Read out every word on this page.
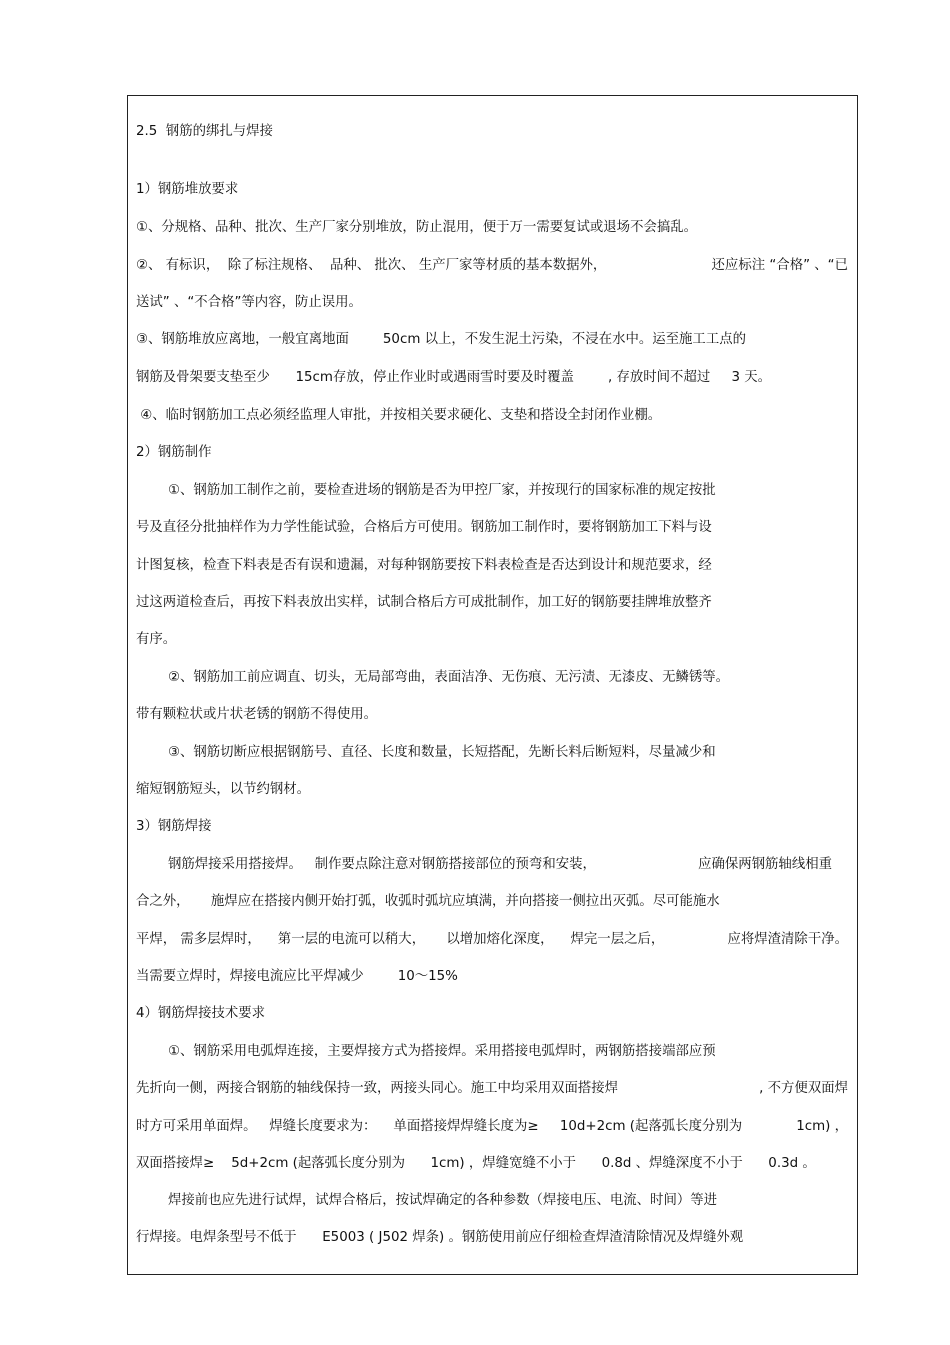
2.5  钢筋的绑扎与焊接

1）钢筋堆放要求

①、分规格、品种、批次、生产厂家分别堆放，防止混用，便于万一需要复试或退场不会搞乱。

②、 有标识，  除了标注规格、  品种、 批次、 生产厂家等材质的基本数据外，	还应标注 “合格” 、“已

送试” 、“不合格”等内容，防止误用。

③、钢筋堆放应离地，一般宜离地面        50cm 以上，不发生泥土污染，不浸在水中。运至施工工点的

钢筋及骨架要支垫至少      15cm存放，停止作业时或遇雨雪时要及时覆盖        , 存放时间不超过     3 天。

④、临时钢筋加工点必须经监理人审批，并按相关要求硬化、支垫和搭设全封闭作业棚。

2）钢筋制作

①、钢筋加工制作之前，要检查进场的钢筋是否为甲控厂家，并按现行的国家标准的规定按批

号及直径分批抽样作为力学性能试验，合格后方可使用。钢筋加工制作时，要将钢筋加工下料与设

计图复核，检查下料表是否有误和遗漏，对每种钢筋要按下料表检查是否达到设计和规范要求，经

过这两道检查后，再按下料表放出实样，试制合格后方可成批制作，加工好的钢筋要挂牌堆放整齐

有序。

②、钢筋加工前应调直、切头，无局部弯曲，表面洁净、无伤痕、无污渍、无漆皮、无鳞锈等。

带有颗粒状或片状老锈的钢筋不得使用。

③、钢筋切断应根据钢筋号、直径、长度和数量，长短搭配，先断长料后断短料，尽量减少和

缩短钢筋短头，以节约钢材。

3）钢筋焊接

钢筋焊接采用搭接焊。   制作要点除注意对钢筋搭接部位的预弯和安装，	应确保两钢筋轴线相重

合之外，     施焊应在搭接内侧开始打弧，收弧时弧坑应填满，并向搭接一侧拉出灭弧。尽可能施水

平焊， 需多层焊时，    第一层的电流可以稍大，     以增加熔化深度，    焊完一层之后，	应将焊渣清除干净。

当需要立焊时，焊接电流应比平焊减少        10～15%

4）钢筋焊接技术要求

①、钢筋采用电弧焊连接，主要焊接方式为搭接焊。采用搭接电弧焊时，两钢筋搭接端部应预

先折向一侧，两接合钢筋的轴线保持一致，两接头同心。施工中均采用双面搭接焊	, 不方便双面焊
时方可采用单面焊。   焊缝长度要求为：    单面搭接焊焊缝长度为≥     10d+2cm (起落弧长度分别为	1cm) ，

双面搭接焊≥    5d+2cm (起落弧长度分别为      1cm) ，焊缝宽缝不小于      0.8d 、焊缝深度不小于      0.3d 。

焊接前也应先进行试焊，试焊合格后，按试焊确定的各种参数（焊接电压、电流、时间）等进

行焊接。电焊条型号不低于      E5003 ( J502 焊条) 。钢筋使用前应仔细检查焊渣清除情况及焊缝外观
